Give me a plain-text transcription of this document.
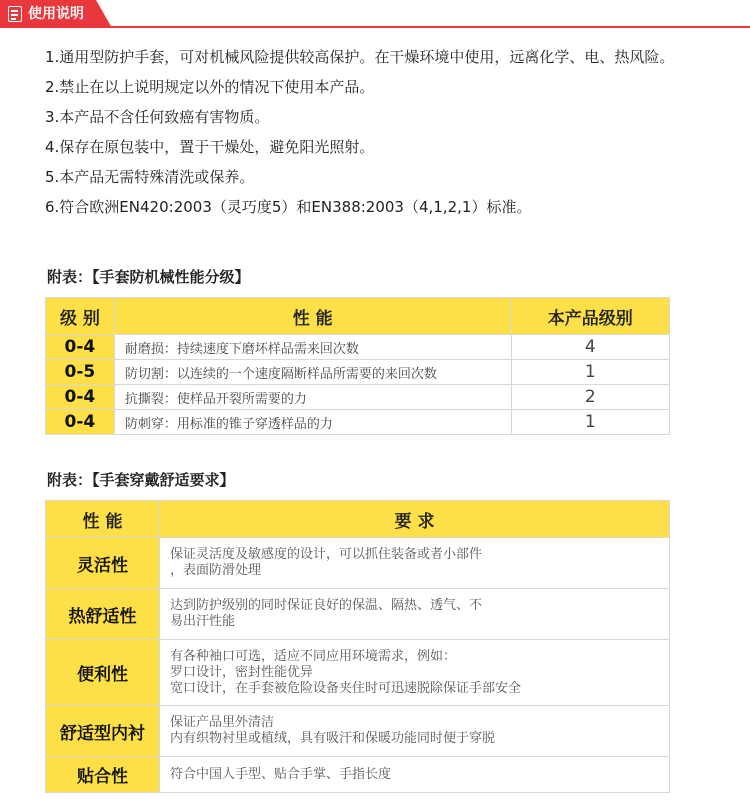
使用说明

1.通用型防护手套，可对机械风险提供较高保护。在干燥环境中使用，远离化学、电、热风险。

2.禁止在以上说明规定以外的情况下使用本产品。

3.本产品不含任何致癌有害物质。

4.保存在原包装中，置于干燥处，避免阳光照射。

5.本产品无需特殊清洗或保养。

6.符合欧洲EN420:2003（灵巧度5）和EN388:2003（4,1,2,1）标准。

附表：【手套防机械性能分级】
级 别	性 能	本产品级别
0-4	耐磨损：持续速度下磨坏样品需来回次数	4
0-5	防切割：以连续的一个速度隔断样品所需要的来回次数	1
0-4	抗撕裂：使样品开裂所需要的力	2
0-4	防刺穿：用标准的锥子穿透样品的力	1
附表：【手套穿戴舒适要求】
性 能	要 求
灵活性	保证灵活度及敏感度的设计，可以抓住装备或者小部件
，表面防滑处理

热舒适性	达到防护级别的同时保证良好的保温、隔热、透气、不
易出汗性能

便利性	有各种袖口可选，适应不同应用环境需求，例如：
罗口设计，密封性能优异
宽口设计，在手套被危险设备夹住时可迅速脱除保证手部安全

舒适型内衬	保证产品里外清洁
内有织物衬里或植绒，具有吸汗和保暖功能同时便于穿脱

贴合性	符合中国人手型、贴合手掌、手指长度
